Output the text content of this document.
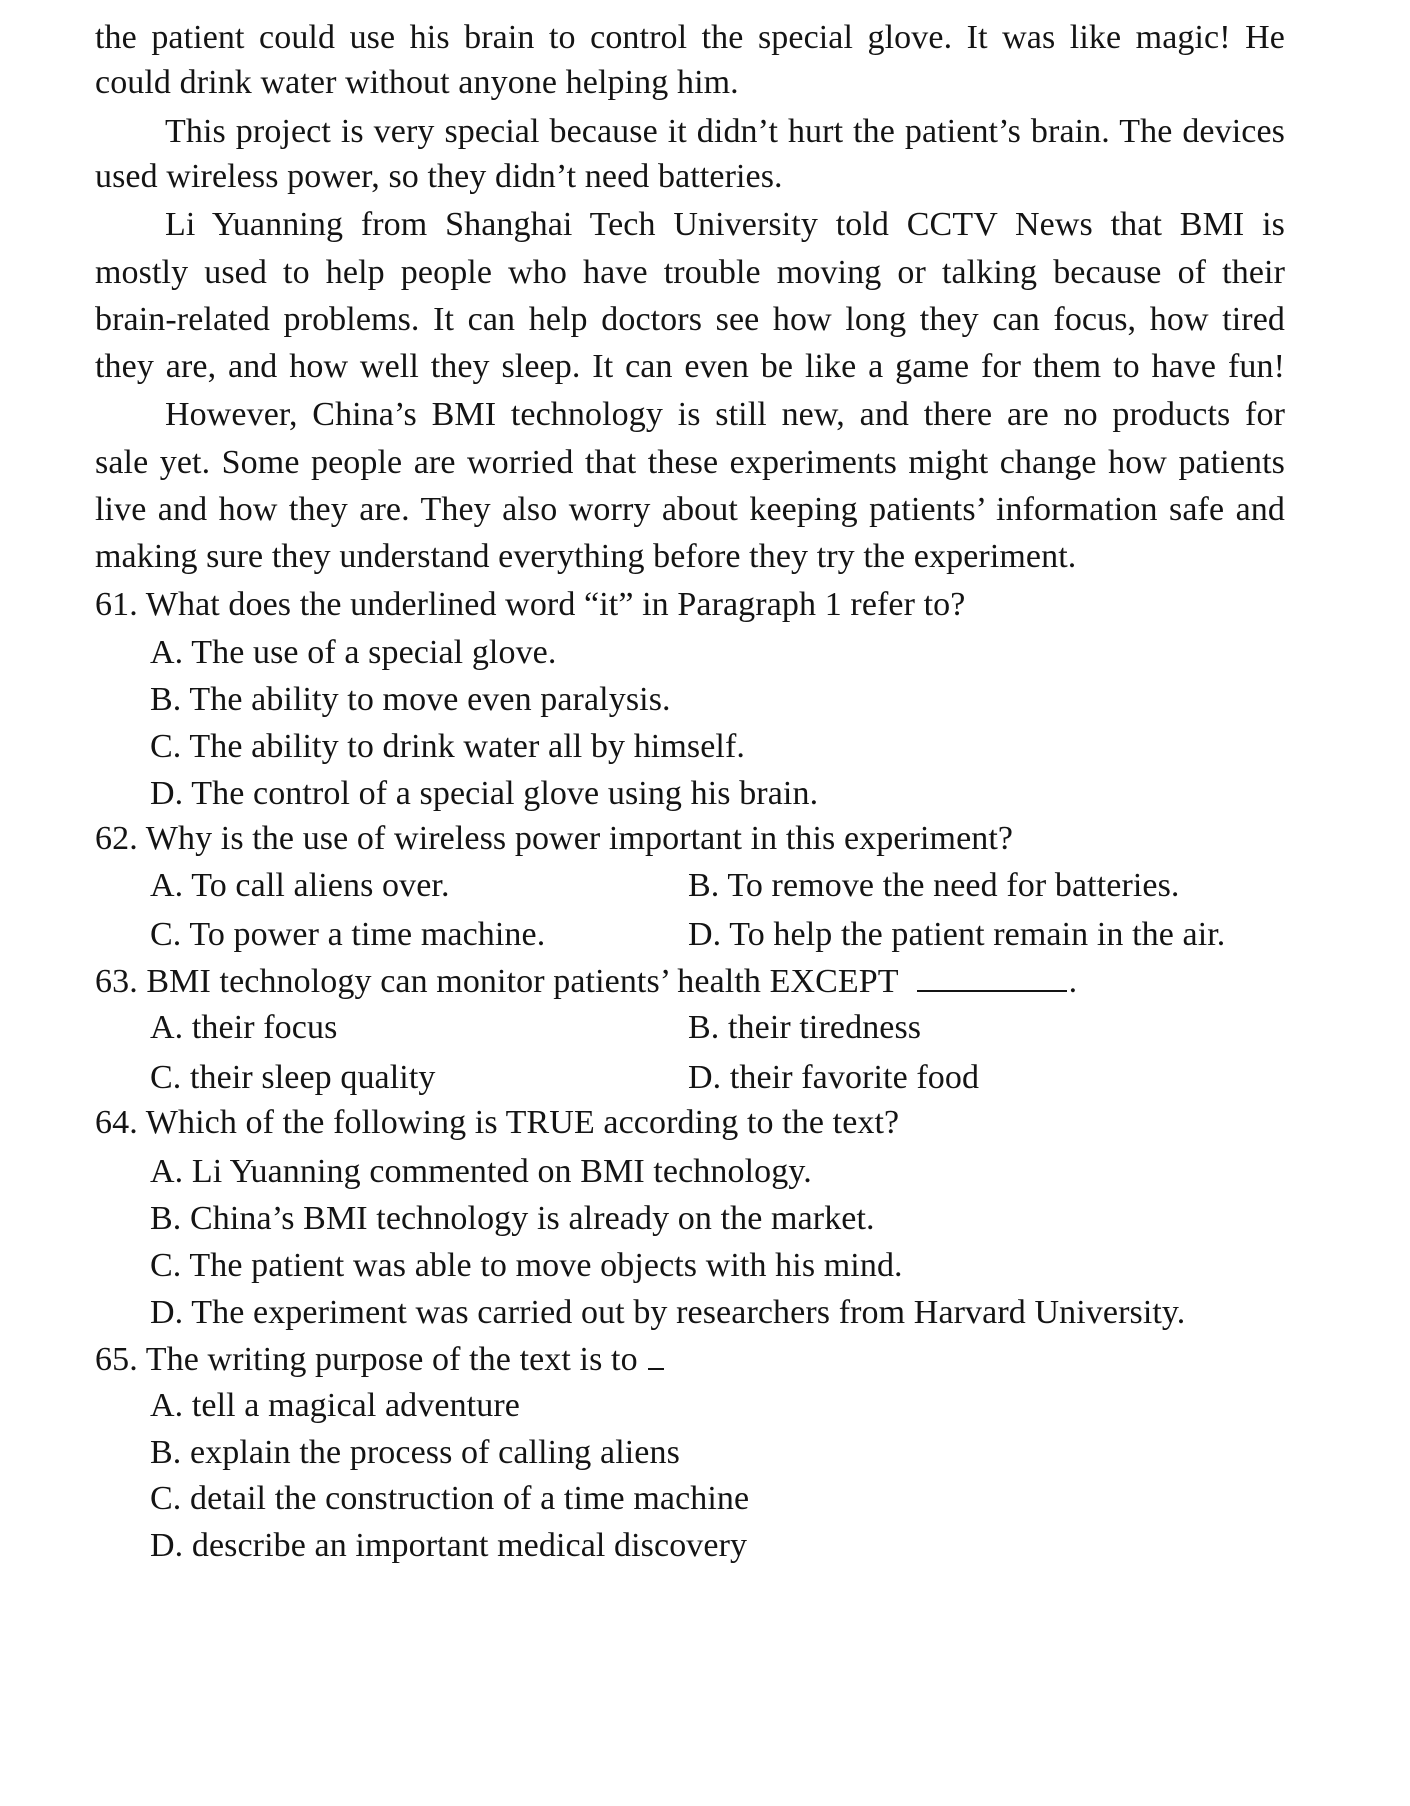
the patient could use his brain to control the special glove. It was like magic! He
could drink water without anyone helping him.
This project is very special because it didn’t hurt the patient’s brain. The devices
used wireless power, so they didn’t need batteries.
Li Yuanning from Shanghai Tech University told CCTV News that BMI is
mostly used to help people who have trouble moving or talking because of their
brain-related problems. It can help doctors see how long they can focus, how tired
they are, and how well they sleep. It can even be like a game for them to have fun!
However, China’s BMI technology is still new, and there are no products for
sale yet. Some people are worried that these experiments might change how patients
live and how they are. They also worry about keeping patients’ information safe and
making sure they understand everything before they try the experiment.
61. What does the underlined word “it” in Paragraph 1 refer to?
A. The use of a special glove.
B. The ability to move even paralysis.
C. The ability to drink water all by himself.
D. The control of a special glove using his brain.
62. Why is the use of wireless power important in this experiment?
A. To call aliens over.	B. To remove the need for batteries.
C. To power a time machine.	D. To help the patient remain in the air.
63. BMI technology can monitor patients’ health EXCEPT	.
A. their focus	B. their tiredness
C. their sleep quality	D. their favorite food
64. Which of the following is TRUE according to the text?
A. Li Yuanning commented on BMI technology.
B. China’s BMI technology is already on the market.
C. The patient was able to move objects with his mind.
D. The experiment was carried out by researchers from Harvard University.
65. The writing purpose of the text is to
A. tell a magical adventure
B. explain the process of calling aliens
C. detail the construction of a time machine
D. describe an important medical discovery
